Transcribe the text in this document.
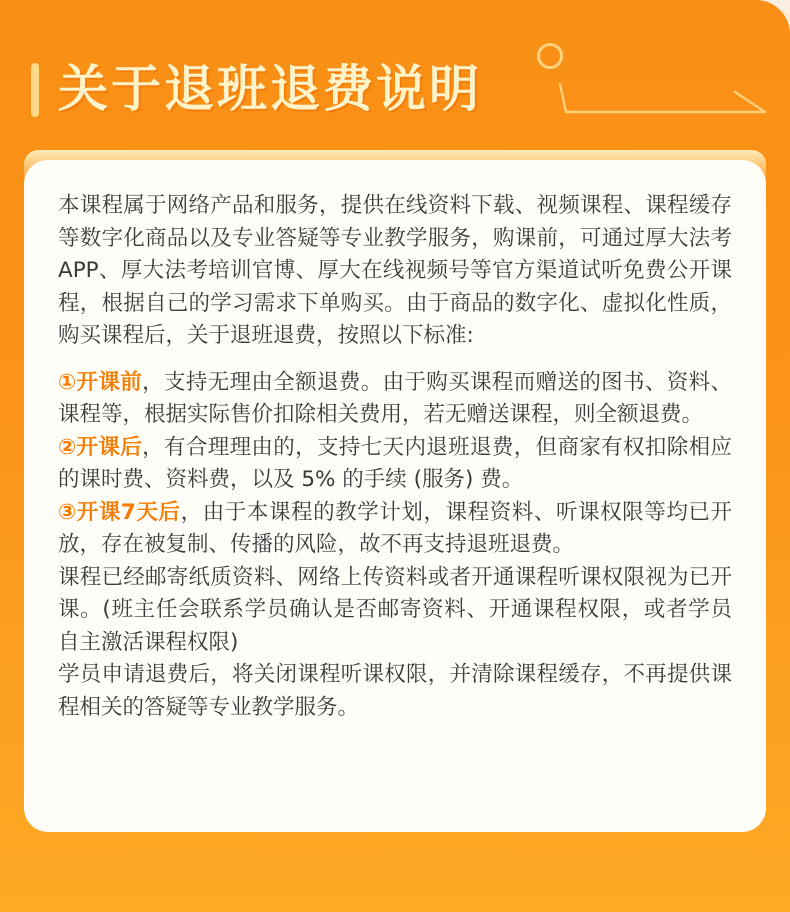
关于退班退费说明

本课程属于网络产品和服务，提供在线资料下载、视频课程、课程缓存等数字化商品以及专业答疑等专业教学服务，购课前，可通过厚大法考　APP、厚大法考培训官博、厚大在线视频号等官方渠道试听免费公开课程，根据自己的学习需求下单购买。由于商品的数字化、虚拟化性质，购买课程后，关于退班退费，按照以下标准:

①开课前，支持无理由全额退费。由于购买课程而赠送的图书、资料、课程等，根据实际售价扣除相关费用，若无赠送课程，则全额退费。

②开课后，有合理理由的，支持七天内退班退费，但商家有权扣除相应的课时费、资料费，以及 5% 的手续 (服务) 费。

③开课7天后，由于本课程的教学计划，课程资料、听课权限等均已开放，存在被复制、传播的风险，故不再支持退班退费。

课程已经邮寄纸质资料、网络上传资料或者开通课程听课权限视为已开课。(班主任会联系学员确认是否邮寄资料、开通课程权限，或者学员自主激活课程权限)

学员申请退费后，将关闭课程听课权限，并清除课程缓存，不再提供课程相关的答疑等专业教学服务。
